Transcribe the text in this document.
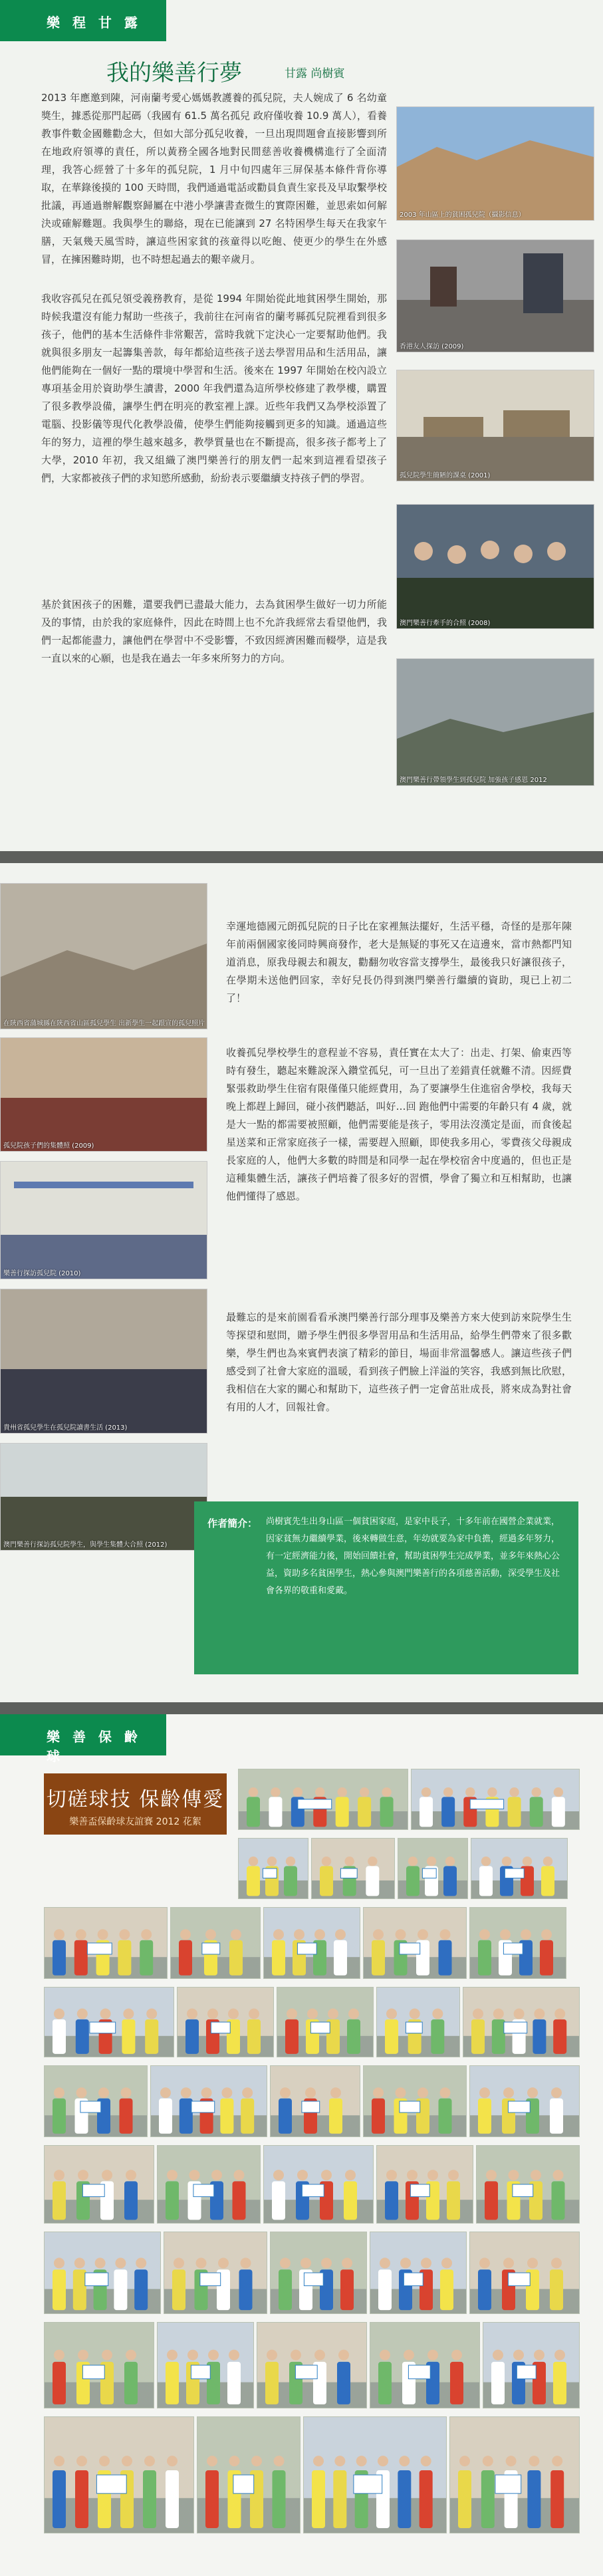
樂 程 甘 露
我的樂善行夢	甘露 尚樹賓
2013 年應邀到陳，河南蘭考愛心媽媽教護養的孤兒院，夫人婉成了 6 名幼童獎生，據悉從那門起碼（我國有 61.5 萬名孤兒 政府僅收養 10.9 萬人），看養教事件數金國難勸念大，但如大部分孤兒收養，一旦出現問題會直接影響到所在地政府領導的責任，所以黃務全國各地對民間慈善收養機構進行了全面清理，我答心經營了十多年的孤兒院，1 月中旬四處年三屏保基本條件背你導取，在華錄後摸的 100 天時間，我們通過電話或勸員負責生家長及早取繫學校批議，再通過辦解觀察歸屬在中港小學讓書查微生的實際困難，並思索如何解決或確解難題。我與學生的聯絡，現在已能讓到 27 名特困學生每天在我家午膳，天氣幾天風雪時，讓這些困家貧的孩童得以吃飽、使更少的學生在外感冒，在擁困難時期，也不時想起過去的艱辛歲月。
我收容孤兒在孤兒領受義務教育，是從 1994 年開始從此地貧困學生開始，那時候我還沒有能力幫助一些孩子，我前往在河南省的蘭考縣孤兒院裡看到很多孩子，他們的基本生活條件非常艱苦，當時我就下定決心一定要幫助他們。我就與很多朋友一起籌集善款，每年都給這些孩子送去學習用品和生活用品，讓他們能夠在一個好一點的環境中學習和生活。後來在 1997 年開始在校內設立專項基金用於資助學生讀書，2000 年我們還為這所學校修建了教學樓，購置了很多教學設備，讓學生們在明亮的教室裡上課。近些年我們又為學校添置了電腦、投影儀等現代化教學設備，使學生們能夠接觸到更多的知識。通過這些年的努力，這裡的學生越來越多，教學質量也在不斷提高，很多孩子都考上了大學，2010 年初，我又組織了澳門樂善行的朋友們一起來到這裡看望孩子們，大家都被孩子們的求知慾所感動，紛紛表示要繼續支持孩子們的學習。
基於貧困孩子的困難，還要我們已盡最大能力，去為貧困學生做好一切力所能及的事情，由於我的家庭條件，因此在時間上也不允許我經常去看望他們，我們一起都能盡力，讓他們在學習中不受影響，不致因經濟困難而輟學，這是我一直以來的心願，也是我在過去一年多來所努力的方向。
2003 年山區上的貧困孤兒院（攝影信息）
香港友人探訪 (2009)
孤兒院學生簡陋的課桌 (2001)
澳門樂善行牽手的合照 (2008)
澳門樂善行帶領學生到孤兒院 加強孩子感恩 2012
在陝西省蒲城縣在陝西省山區孤兒學生 出新學生一起跟宣的孤兒照片
孤兒院孩子們的集體照 (2009)
樂善行探訪孤兒院 (2010)
貴州省孤兒學生在孤兒院讀書生活 (2013)
澳門樂善行探訪孤兒院學生，與學生集體大合照 (2012)
幸運地德國元朗孤兒院的日子比在家裡無法擺好，生活平穩，奇怪的是那年陳年前兩個國家後同時興商發作，老大是無疑的事死又在這邊來，當市熱都門知道消息，原我母親去和親友，勸翻勿收容當支撐學生，最後我只好讓很孩子，在學期未送他們回家，幸好兒長仍得到澳門樂善行繼續的資助，現已上初二了！
收養孤兒學校學生的意程並不容易，責任實在太大了：出走、打架、偷東西等時有發生，聽起來難說深入鑽堂孤兒，可一旦出了差錯責任就難不清。因經費緊張救助學生住宿有限僅僅只能經費用，為了要讓學生住進宿舍學校，我每天晚上都趕上歸回，碰小孩們聽話，叫好…回 跑他們中需要的年齡只有 4 歲，就是大一點的都需要被照顧，他們需要能是孩子，零用法沒漢定是面，而食後起星送菜和正常家庭孩子一樣，需要趕入照顧，即使我多用心，零費孩父母親成長家庭的人，他們大多數的時間是和同學一起在學校宿舍中度過的，但也正是這種集體生活，讓孩子們培養了很多好的習慣，學會了獨立和互相幫助，也讓他們懂得了感恩。
最難忘的是來前園看看承澳門樂善行部分理事及樂善方來大使到訪來院學生生等探望和慰問，贈予學生們很多學習用品和生活用品，給學生們帶來了很多歡樂，學生們也為來賓們表演了精彩的節目，場面非常溫馨感人。讓這些孩子們感受到了社會大家庭的溫暖，看到孩子們臉上洋溢的笑容，我感到無比欣慰，我相信在大家的關心和幫助下，這些孩子們一定會茁壯成長，將來成為對社會有用的人才，回報社會。
作者簡介： 尚樹賓先生出身山區一個貧困家庭，是家中長子，十多年前在國營企業就業，因家貧無力繼續學業，後來轉做生意，年幼就要為家中負擔，經過多年努力，有一定經濟能力後，開始回饋社會，幫助貧困學生完成學業，並多年來熱心公益，資助多名貧困學生，熱心參與澳門樂善行的各項慈善活動，深受學生及社會各界的敬重和愛戴。
樂 善 保 齡 球
切磋球技 保齡傳愛
樂善盃保齡球友誼賽 2012 花絮
